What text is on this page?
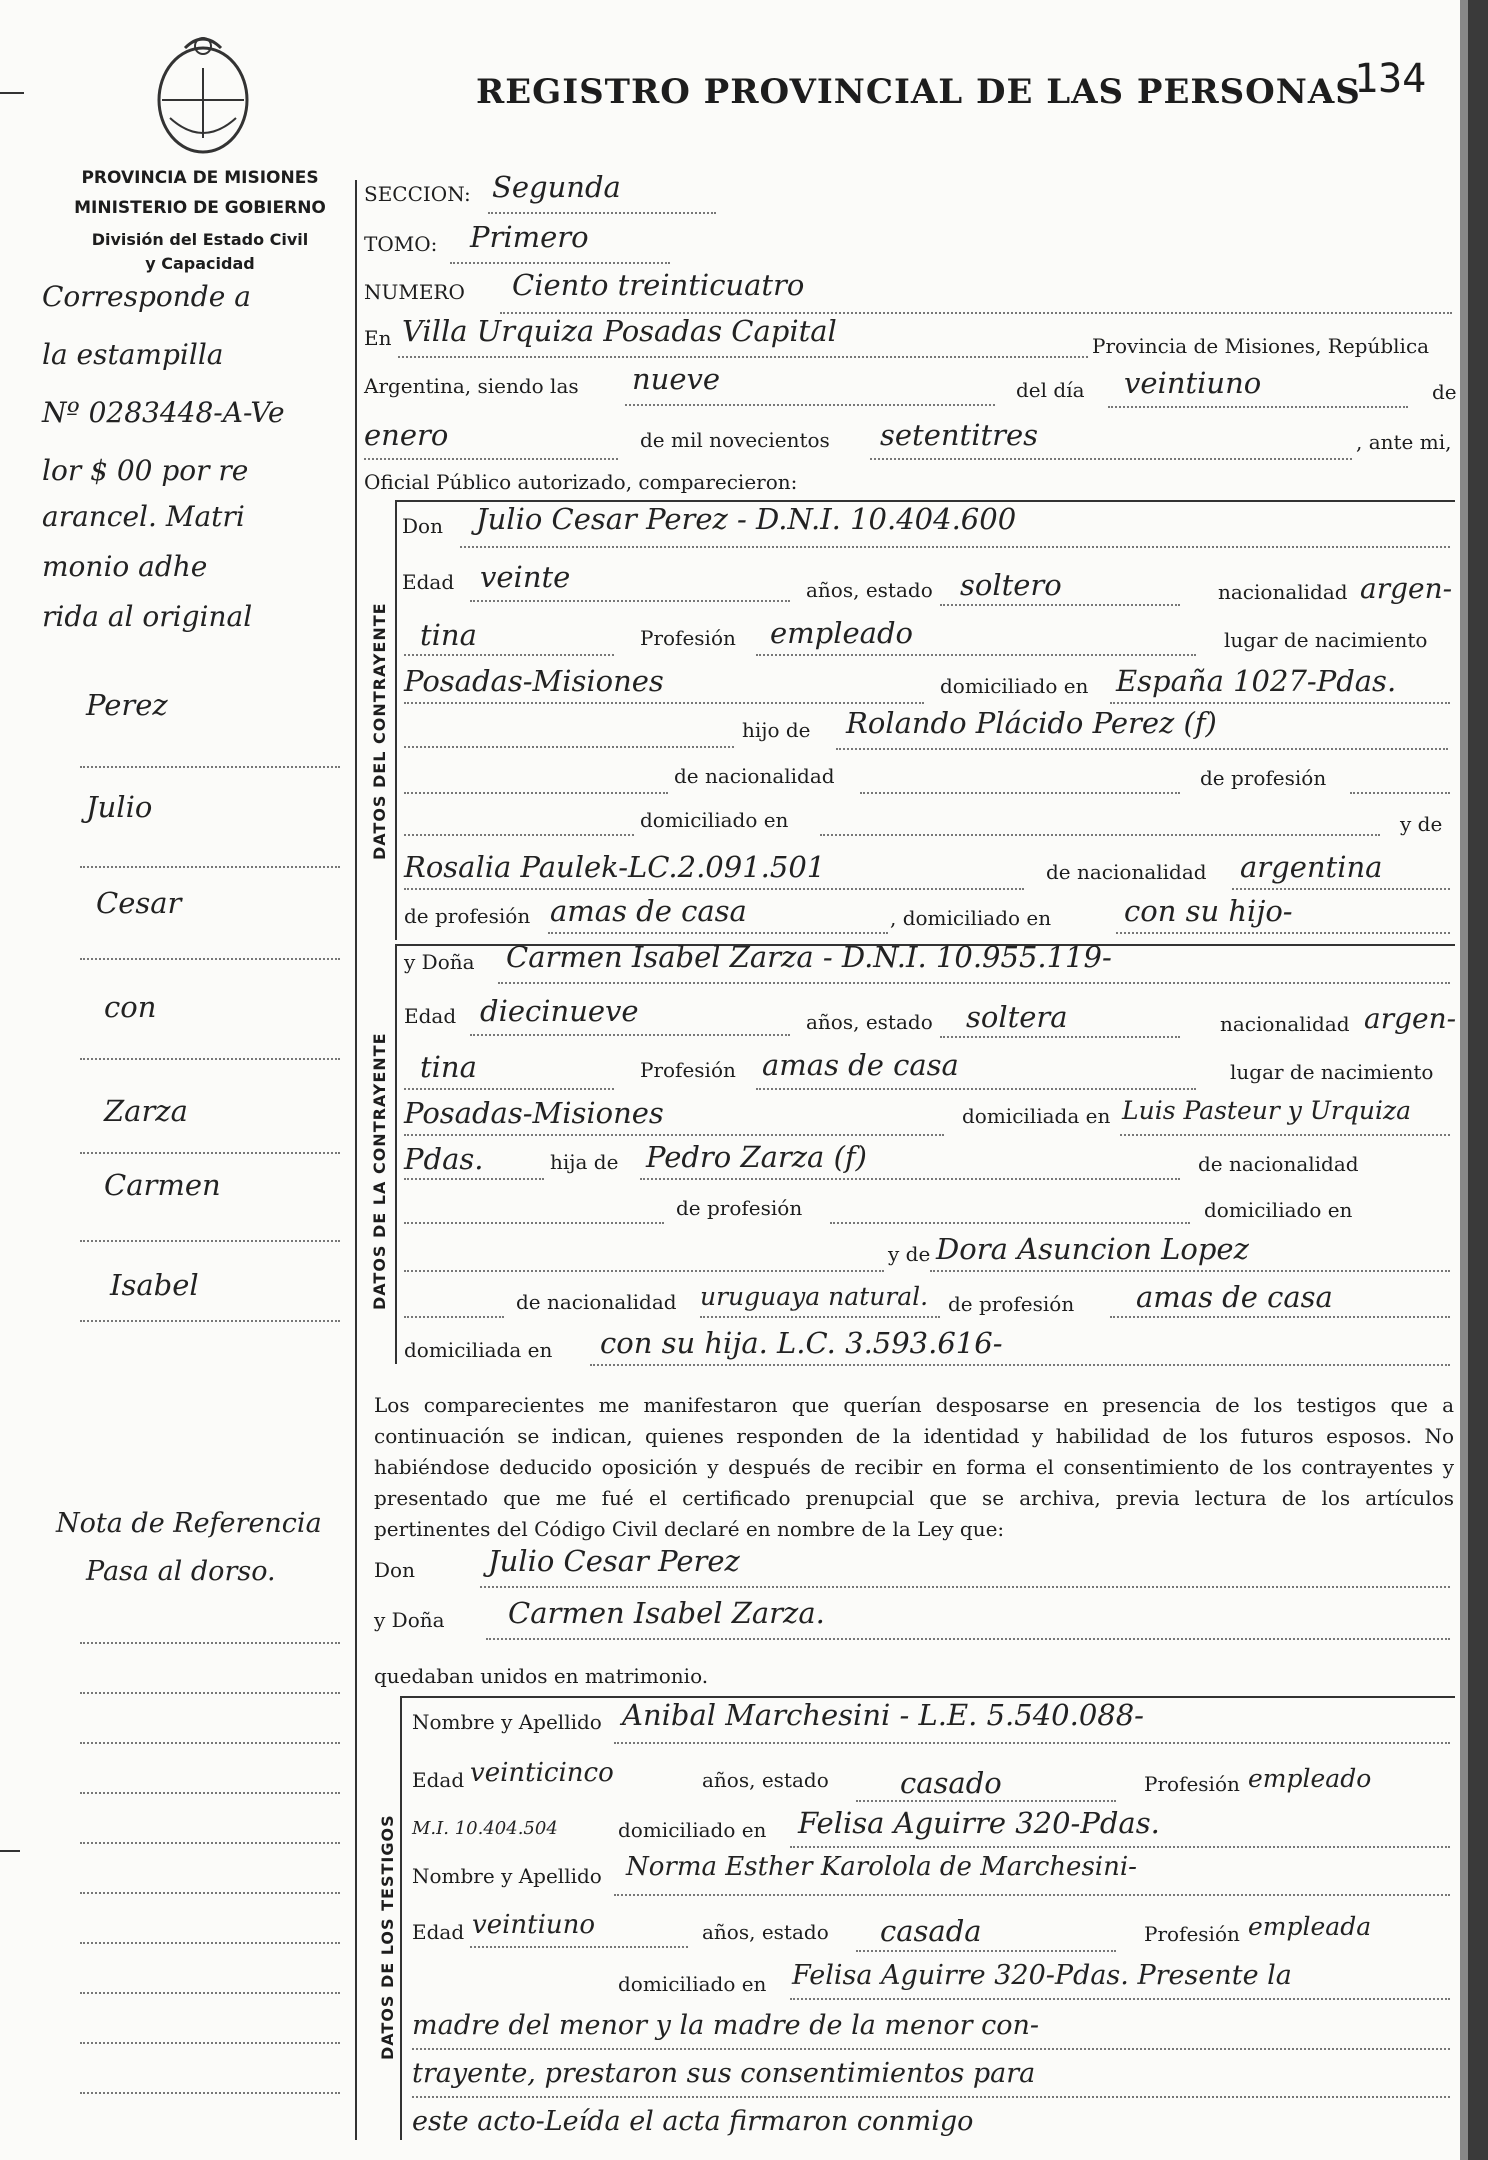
REGISTRO PROVINCIAL DE LAS PERSONAS
134
PROVINCIA DE MISIONES
MINISTERIO DE GOBIERNO
División del Estado Civil
y Capacidad
SECCION: Segunda
TOMO: Primero
NUMERO Ciento treinticuatro
En Villa Urquiza Posadas Capital	Provincia de Misiones, República
Argentina, siendo las nueve	del día veintiuno	de
enero	de mil novecientos setentitres	, ante mi,
Oficial Público autorizado, comparecieron:
DATOS DEL CONTRAYENTE
Don Julio Cesar Perez - D.N.I. 10.404.600
Edad veinte	años, estado soltero	nacionalidad argen-
tina	Profesión empleado	lugar de nacimiento
Posadas-Misiones	domiciliado en España 1027-Pdas.
hijo de Rolando Plácido Perez (f)
de nacionalidad	de profesión
domiciliado en	y de
Rosalia Paulek-LC.2.091.501	de nacionalidad argentina
de profesión amas de casa	, domiciliado en	con su hijo-
DATOS DE LA CONTRAYENTE
y Doña Carmen Isabel Zarza - D.N.I. 10.955.119-
Edad diecinueve	años, estado soltera	nacionalidad argen-
tina	Profesión amas de casa	lugar de nacimiento
Posadas-Misiones	domiciliada en Luis Pasteur y Urquiza
Pdas.	hija de Pedro Zarza (f)	de nacionalidad
de profesión	domiciliado en
y de Dora Asuncion Lopez
de nacionalidad uruguaya natural. de profesión amas de casa
domiciliada en con su hija. L.C. 3.593.616-
Los comparecientes me manifestaron que querían desposarse en presencia de los testigos que a continuación se indican, quienes responden de la identidad y habilidad de los futuros esposos. No habiéndose deducido oposición y después de recibir en forma el consentimiento de los contrayentes y presentado que me fué el certificado prenupcial que se archiva, previa lectura de los artículos pertinentes del Código Civil declaré en nombre de la Ley que:
Don	Julio Cesar Perez
y Doña Carmen Isabel Zarza.
quedaban unidos en matrimonio.
DATOS DE LOS TESTIGOS
Nombre y Apellido Anibal Marchesini - L.E. 5.540.088-
Edad veinticinco	años, estado casado	Profesión empleado
M.I. 10.404.504	domiciliado en Felisa Aguirre 320-Pdas.
Nombre y Apellido Norma Esther Karolola de Marchesini-
Edad veintiuno	años, estado casada	Profesión empleada
domiciliado en Felisa Aguirre 320-Pdas. Presente la
madre del menor y la madre de la menor con-
trayente, prestaron sus consentimientos para
este acto-Leída el acta firmaron conmigo
Corresponde a
la estampilla
Nº 0283448-A-Ve
lor $ 00 por re
arancel. Matri
monio adhe
rida al original
Perez
Julio
Cesar
con
Zarza
Carmen
Isabel
Nota de Referencia
Pasa al dorso.
